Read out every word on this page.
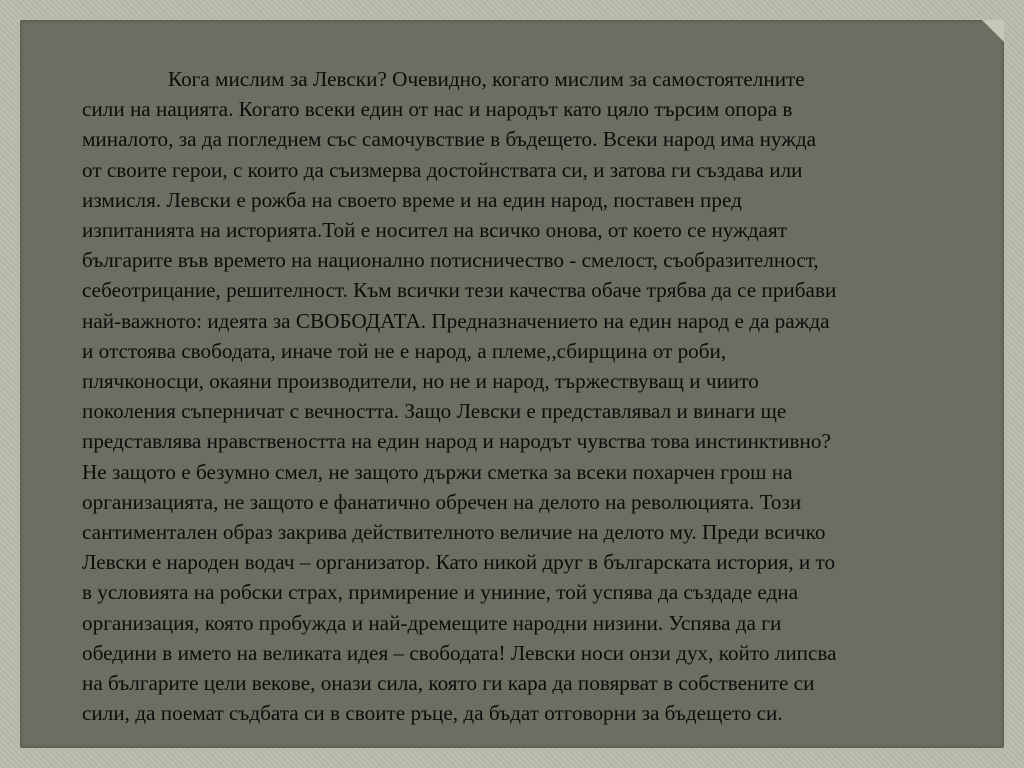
Кога мислим за Левски? Очевидно, когато мислим за самостоятелните
сили на нацията. Когато всеки един от нас и народът като цяло търсим опора в
миналото, за да погледнем със самочувствие в бъдещето. Всеки народ има нужда
от своите герои, с които да съизмерва достойнствата си, и затова ги създава или
измисля. Левски е рожба на своето време и на един народ, поставен пред
изпитанията на историята.Той е носител на всичко онова, от което се нуждаят
българите във времето на национално потисничество - смелост, съобразителност,
себеотрицание, решителност. Към всички тези качества обаче трябва да се прибави
най-важното: идеята за СВОБОДАТА. Предназначението на един народ е да ражда
и отстоява свободата, иначе той не е народ, а племе,,сбирщина от роби,
плячконосци, окаяни производители, но не и народ, тържествуващ и чиито
поколения съперничат с вечността. Защо Левски е представлявал и винаги ще
представлява нравствеността на един народ и народът чувства това инстинктивно?
Не защото е безумно смел, не защото държи сметка за всеки похарчен грош на
организацията, не защото е фанатично обречен на делото на революцията. Този
сантиментален образ закрива действителното величие на делото му. Преди всичко
Левски е народен водач – организатор. Като никой друг в българската история, и то
в условията на робски страх, примирение и униние, той успява да създаде една
организация, която пробужда и най-дремещите народни низини. Успява да ги
обедини в името на великата идея – свободата! Левски носи онзи дух, който липсва
на българите цели векове, онази сила, която ги кара да повярват в собствените си
сили, да поемат съдбата си в своите ръце, да бъдат отговорни за бъдещето си.
